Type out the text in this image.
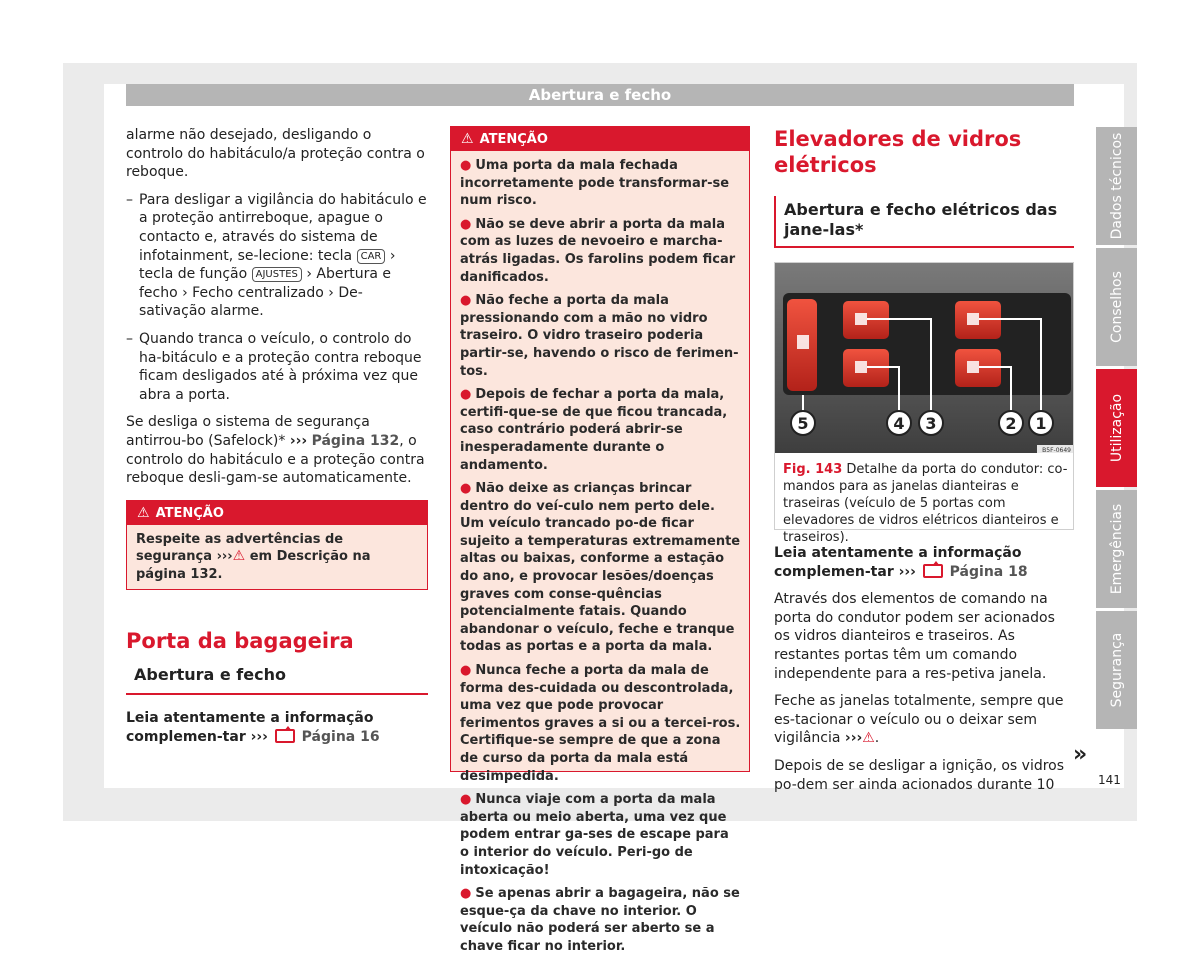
Abertura e fecho

alarme não desejado, desligando o controlo do habitáculo/a proteção contra o reboque.

– Para desligar a vigilância do habitáculo e a proteção antirreboque, apague o contacto e, através do sistema de infotainment, se-lecione: tecla CAR › tecla de função AJUSTES › Abertura e fecho › Fecho centralizado › De-sativação alarme.
– Quando tranca o veículo, o controlo do ha-bitáculo e a proteção contra reboque ficam desligados até à próxima vez que abra a porta.

Se desliga o sistema de segurança antirrou-bo (Safelock)* ››› Página 132, o controlo do habitáculo e a proteção contra reboque desli-gam-se automaticamente.

⚠ ATENÇÃO
Respeite as advertências de segurança ›››⚠ em Descrição na página 132.
Porta da bagageira
Abertura e fecho

Leia atentamente a informação complemen-tar ››› Página 16

⚠ ATENÇÃO
● Uma porta da mala fechada incorretamente pode transformar-se num risco.
● Não se deve abrir a porta da mala com as luzes de nevoeiro e marcha-atrás ligadas. Os farolins podem ficar danificados.
● Não feche a porta da mala pressionando com a mão no vidro traseiro. O vidro traseiro poderia partir-se, havendo o risco de ferimen-tos.
● Depois de fechar a porta da mala, certifi-que-se de que ficou trancada, caso contrário poderá abrir-se inesperadamente durante o andamento.
● Não deixe as crianças brincar dentro do veí-culo nem perto dele. Um veículo trancado po-de ficar sujeito a temperaturas extremamente altas ou baixas, conforme a estação do ano, e provocar lesões/doenças graves com conse-quências potencialmente fatais. Quando abandonar o veículo, feche e tranque todas as portas e a porta da mala.
● Nunca feche a porta da mala de forma des-cuidada ou descontrolada, uma vez que pode provocar ferimentos graves a si ou a tercei-ros. Certifique-se sempre de que a zona de curso da porta da mala está desimpedida.
● Nunca viaje com a porta da mala aberta ou meio aberta, uma vez que podem entrar ga-ses de escape para o interior do veículo. Peri-go de intoxicação!
● Se apenas abrir a bagageira, não se esque-ça da chave no interior. O veículo não poderá ser aberto se a chave ficar no interior.
Elevadores de vidros elétricos
Abertura e fecho elétricos das jane-las*
5	4 3	2 1
B5F-0649
Fig. 143 Detalhe da porta do condutor: co-mandos para as janelas dianteiras e traseiras (veículo de 5 portas com elevadores de vidros elétricos dianteiros e traseiros).

Leia atentamente a informação complemen-tar ››› Página 18

Através dos elementos de comando na porta do condutor podem ser acionados os vidros dianteiros e traseiros. As restantes portas têm um comando independente para a res-petiva janela.

Feche as janelas totalmente, sempre que es-tacionar o veículo ou o deixar sem vigilância ›››⚠.

Depois de se desligar a ignição, os vidros po-dem ser ainda acionados durante 10

»
Dados técnicos
Conselhos
Utilização
Emergências
Segurança
141
